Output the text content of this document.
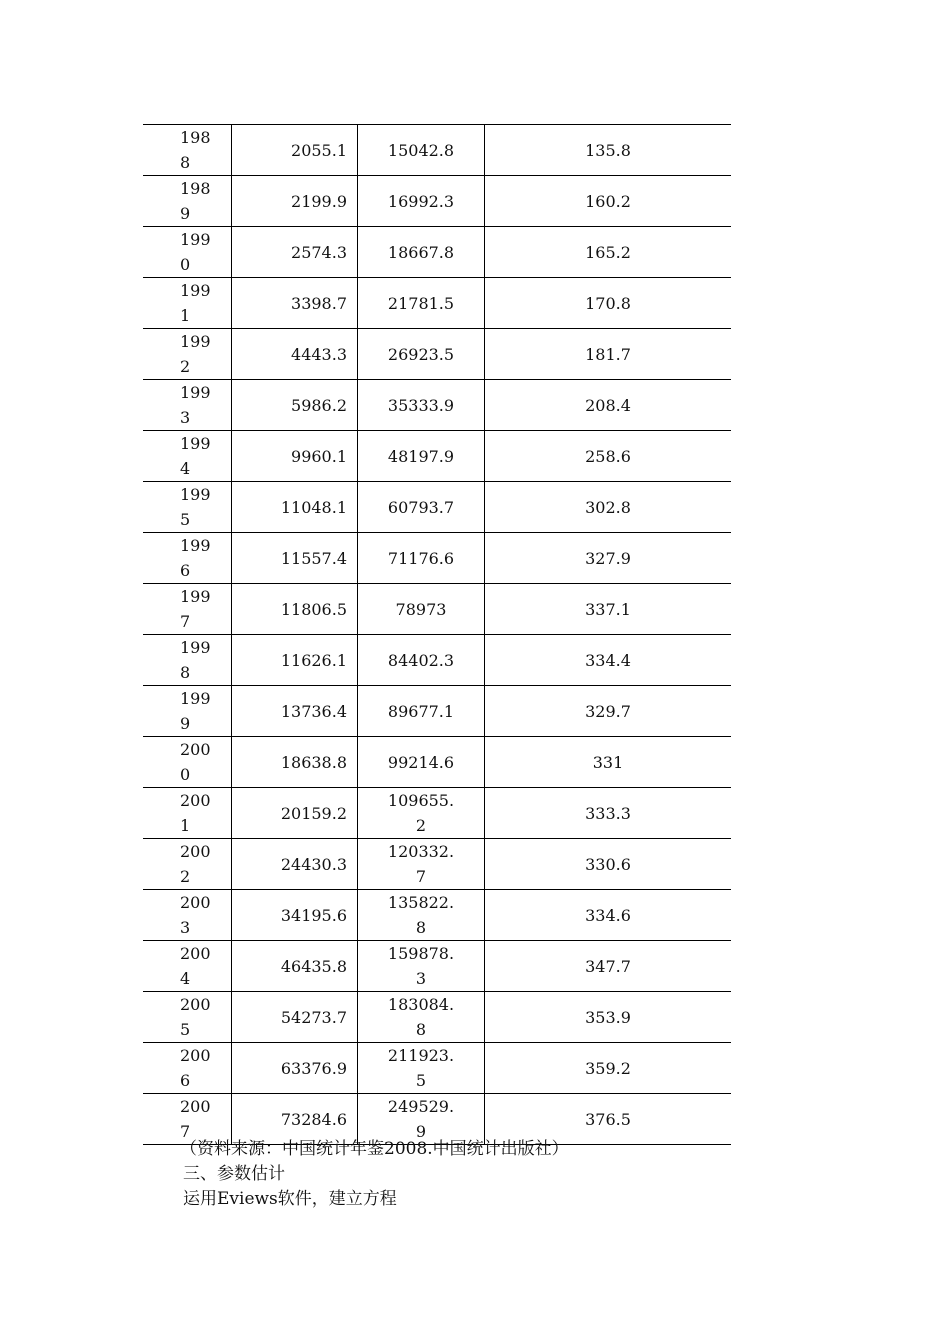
1988	2055.1	15042.8	135.8

1989	2199.9	16992.3	160.2

1990	2574.3	18667.8	165.2

1991	3398.7	21781.5	170.8

1992	4443.3	26923.5	181.7

1993	5986.2	35333.9	208.4

1994	9960.1	48197.9	258.6

1995	11048.1	60793.7	302.8

1996	11557.4	71176.6	327.9

1997	11806.5	78973	337.1

1998	11626.1	84402.3	334.4

1999	13736.4	89677.1	329.7

2000	18638.8	99214.6	331

2001	20159.2	109655.2	333.3

2002	24430.3	120332.7	330.6

2003	34195.6	135822.8	334.6

2004	46435.8	159878.3	347.7

2005	54273.7	183084.8	353.9

2006	63376.9	211923.5	359.2

2007	73284.6	249529.9	376.5

（资料来源：中国统计年鉴2008.中国统计出版社）

三、参数估计

运用Eviews软件，建立方程
